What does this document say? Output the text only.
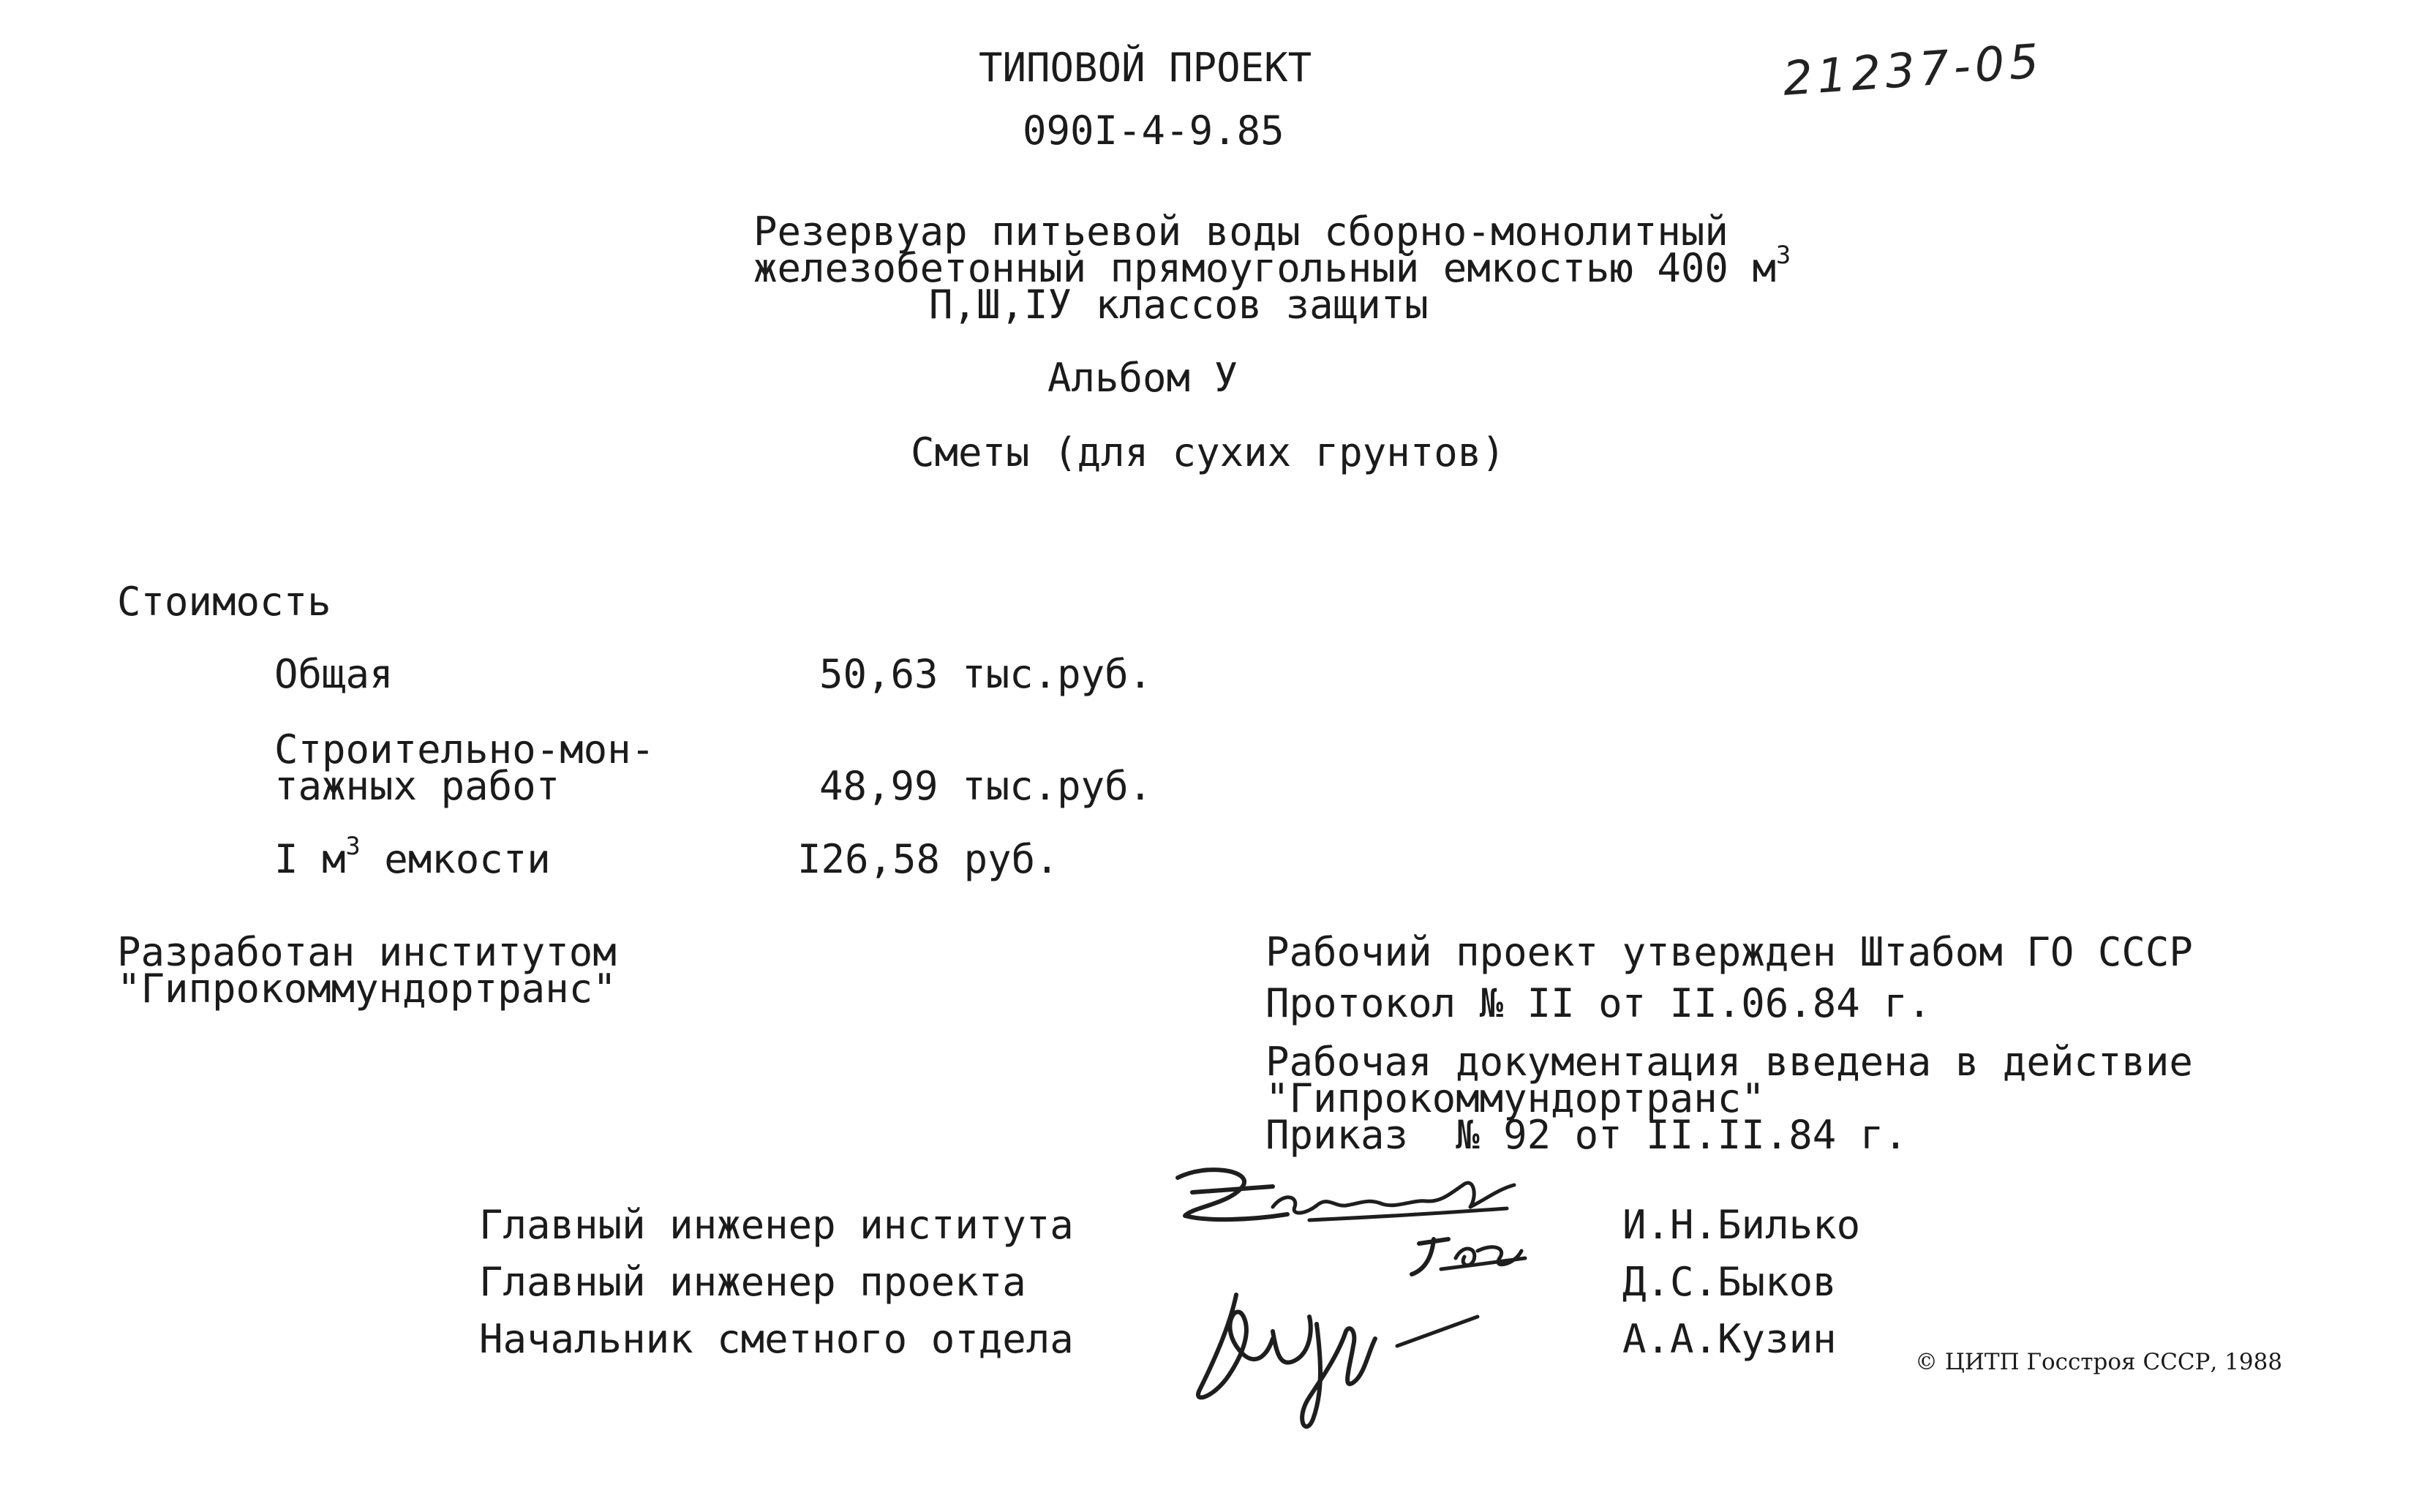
ТИПОВОЙ ПРОЕКТ
090I-4-9.85
21237-05
Резервуар питьевой воды сборно-монолитный
железобетонный прямоугольный емкостью 400 $м^3$
П,Ш,IУ классов защиты
Альбом У
Сметы (для сухих грунтов)
Стоимость
Общая	50,63 тыс.руб.
Строительно-мон-
тажных работ	48,99 тыс.руб.
I $м^3$ емкости	I26,58 руб.
Разработан институтом
"Гипрокоммундортранс"
Рабочий проект утвержден Штабом ГО СССР
Протокол № II от II.06.84 г.
Рабочая документация введена в действие
"Гипрокоммундортранс"
Приказ  № 92 от II.II.84 г.
Главный инженер института	И.Н.Билько
Главный инженер проекта	Д.С.Быков
Начальник сметного отдела	А.А.Кузин	© ЦИТП Госстроя СССР, 1988
